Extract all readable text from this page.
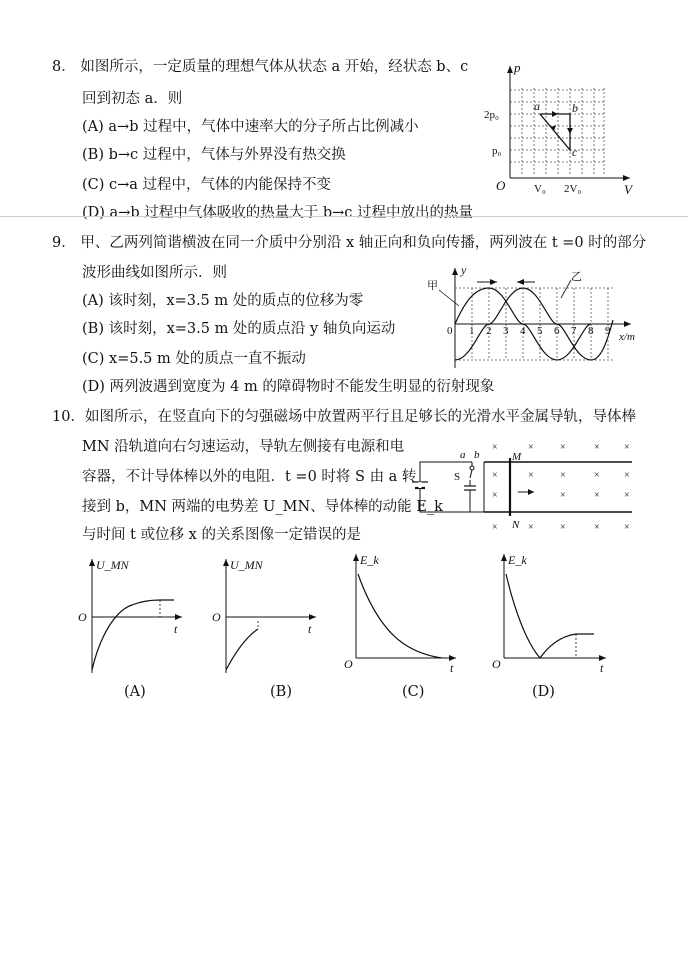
8． 如图所示，一定质量的理想气体从状态 a 开始，经状态 b、c
回到初态 a．则
(A) a→b 过程中，气体中速率大的分子所占比例减小
(B) b→c 过程中，气体与外界没有热交换
(C) c→a 过程中，气体的内能保持不变
(D) a→b 过程中气体吸收的热量大于 b→c 过程中放出的热量
p
V
O
2p₀
p₀
V₀ 2V₀
a	b
c
9． 甲、乙两列简谐横波在同一介质中分别沿 x 轴正向和负向传播，两列波在 t =0 时的部分
波形曲线如图所示．则
(A) 该时刻，x=3.5 m 处的质点的位移为零
(B) 该时刻，x=3.5 m 处的质点沿 y 轴负向运动
(C) x=5.5 m 处的质点一直不振动
(D) 两列波遇到宽度为 4 m 的障碍物时不能发生明显的衍射现象
甲
乙
y
x/m
0 1 2 3 4 5 6 7 8 9
10．如图所示，在竖直向下的匀强磁场中放置两平行且足够长的光滑水平金属导轨，导体棒
MN 沿轨道向右匀速运动，导轨左侧接有电源和电
容器，不计导体棒以外的电阻．t =0 时将 S 由 a 转
接到 b，MN 两端的电势差 U_MN、导体棒的动能 E_k
与时间 t 或位移 x 的关系图像一定错误的是
×	×	×	× ×
×	×	×	× ×
×	×	× ×
×	×	×	× ×
a b
S
M
N
U_MN
t
O
(A)
U_MN
t
O
(B)
E_k
t
O
(C)
E_k
t
O
(D)
